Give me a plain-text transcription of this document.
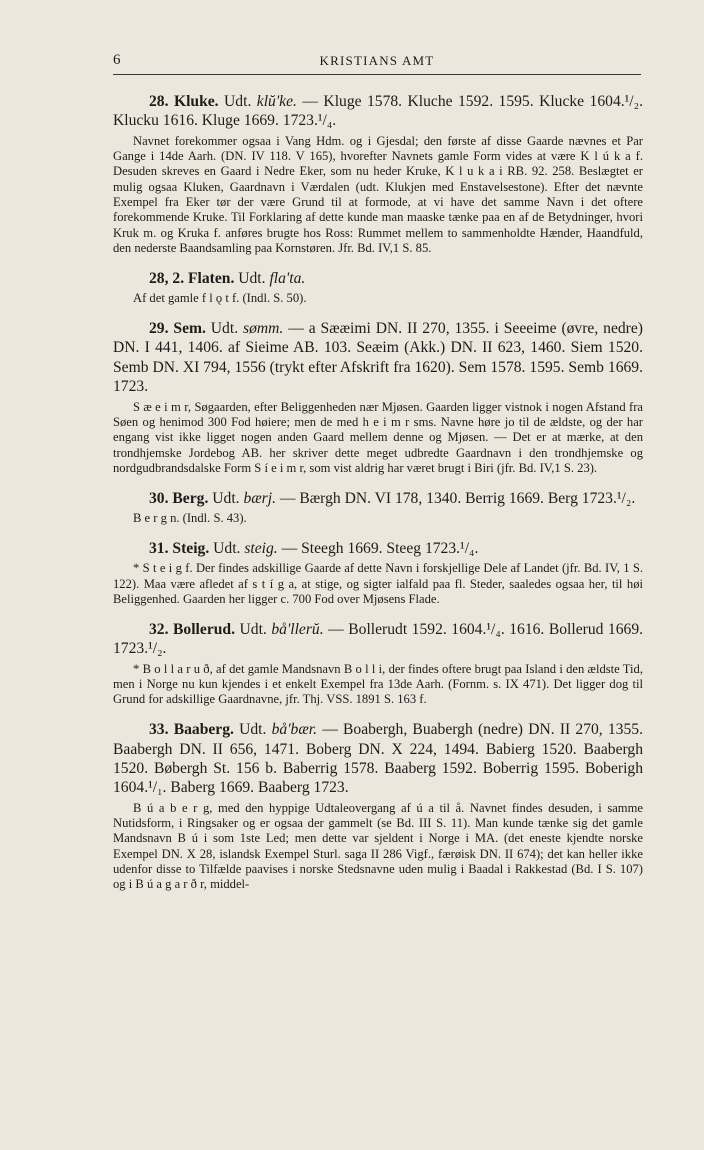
6	KRISTIANS AMT
28. Kluke. Udt. klŭ'ke. — Kluge 1578. Kluche 1592. 1595. Klucke 1604.¹/₂. Klucku 1616. Kluge 1669. 1723.¹/₄.

Navnet forekommer ogsaa i Vang Hdm. og i Gjesdal; den første af disse Gaarde nævnes et Par Gange i 14de Aarh. (DN. IV 118. V 165), hvorefter Navnets gamle Form vides at være K l ú k a f. Desuden skreves en Gaard i Nedre Eker, som nu heder Kruke, K l u k a i RB. 92. 258. Beslægtet er mulig ogsaa Kluken, Gaardnavn i Værdalen (udt. Klukjen med Enstavelsestone). Efter det nævnte Exempel fra Eker tør der være Grund til at formode, at vi have det samme Navn i det oftere forekommende Kruke. Til Forklaring af dette kunde man maaske tænke paa en af de Betydninger, hvori Kruk m. og Kruka f. anføres brugte hos Ross: Rummet mellem to sammenholdte Hænder, Haandfuld, den nederste Baandsamling paa Kornstøren. Jfr. Bd. IV,1 S. 85.

28, 2. Flaten. Udt. fla'ta.

Af det gamle f l ǫ t f. (Indl. S. 50).

29. Sem. Udt. sømm. — a Sææimi DN. II 270, 1355. i Seeeime (øvre, nedre) DN. I 441, 1406. af Sieime AB. 103. Seæim (Akk.) DN. II 623, 1460. Siem 1520. Semb DN. XI 794, 1556 (trykt efter Afskrift fra 1620). Sem 1578. 1595. Semb 1669. 1723.

S æ e i m r, Søgaarden, efter Beliggenheden nær Mjøsen. Gaarden ligger vistnok i nogen Afstand fra Søen og henimod 300 Fod høiere; men de med h e i m r sms. Navne høre jo til de ældste, og der har engang vist ikke ligget nogen anden Gaard mellem denne og Mjøsen. — Det er at mærke, at den trondhjemske Jordebog AB. her skriver dette meget udbredte Gaardnavn i den trondhjemske og nordgudbrandsdalske Form S í e i m r, som vist aldrig har været brugt i Biri (jfr. Bd. IV,1 S. 23).

30. Berg. Udt. bærj. — Bærgh DN. VI 178, 1340. Berrig 1669. Berg 1723.¹/₂.

B e r g n. (Indl. S. 43).

31. Steig. Udt. steig. — Steegh 1669. Steeg 1723.¹/₄.

* S t e i g f. Der findes adskillige Gaarde af dette Navn i forskjellige Dele af Landet (jfr. Bd. IV, 1 S. 122). Maa være afledet af s t í g a, at stige, og sigter ialfald paa fl. Steder, saaledes ogsaa her, til høi Beliggenhed. Gaarden her ligger c. 700 Fod over Mjøsens Flade.

32. Bollerud. Udt. bå'llerŭ. — Bollerudt 1592. 1604.¹/₄. 1616. Bollerud 1669. 1723.¹/₂.

* B o l l a r u ð, af det gamle Mandsnavn B o l l i, der findes oftere brugt paa Island i den ældste Tid, men i Norge nu kun kjendes i et enkelt Exempel fra 13de Aarh. (Fornm. s. IX 471). Det ligger dog til Grund for adskillige Gaardnavne, jfr. Thj. VSS. 1891 S. 163 f.

33. Baaberg. Udt. bå'bær. — Boabergh, Buabergh (nedre) DN. II 270, 1355. Baabergh DN. II 656, 1471. Boberg DN. X 224, 1494. Babierg 1520. Baabergh 1520. Bøbergh St. 156 b. Baberrig 1578. Baaberg 1592. Boberrig 1595. Boberigh 1604.¹/₁. Baberg 1669. Baaberg 1723.

B ú a b e r g, med den hyppige Udtaleovergang af ú a til å. Navnet findes desuden, i samme Nutidsform, i Ringsaker og er ogsaa der gammelt (se Bd. III S. 11). Man kunde tænke sig det gamle Mandsnavn B ú i som 1ste Led; men dette var sjeldent i Norge i MA. (det eneste kjendte norske Exempel DN. X 28, islandsk Exempel Sturl. saga II 286 Vigf., færøisk DN. II 674); det kan heller ikke udenfor disse to Tilfælde paavises i norske Stedsnavne uden mulig i Baadal i Rakkestad (Bd. I S. 107) og i B ú a g a r ð r, middel-
